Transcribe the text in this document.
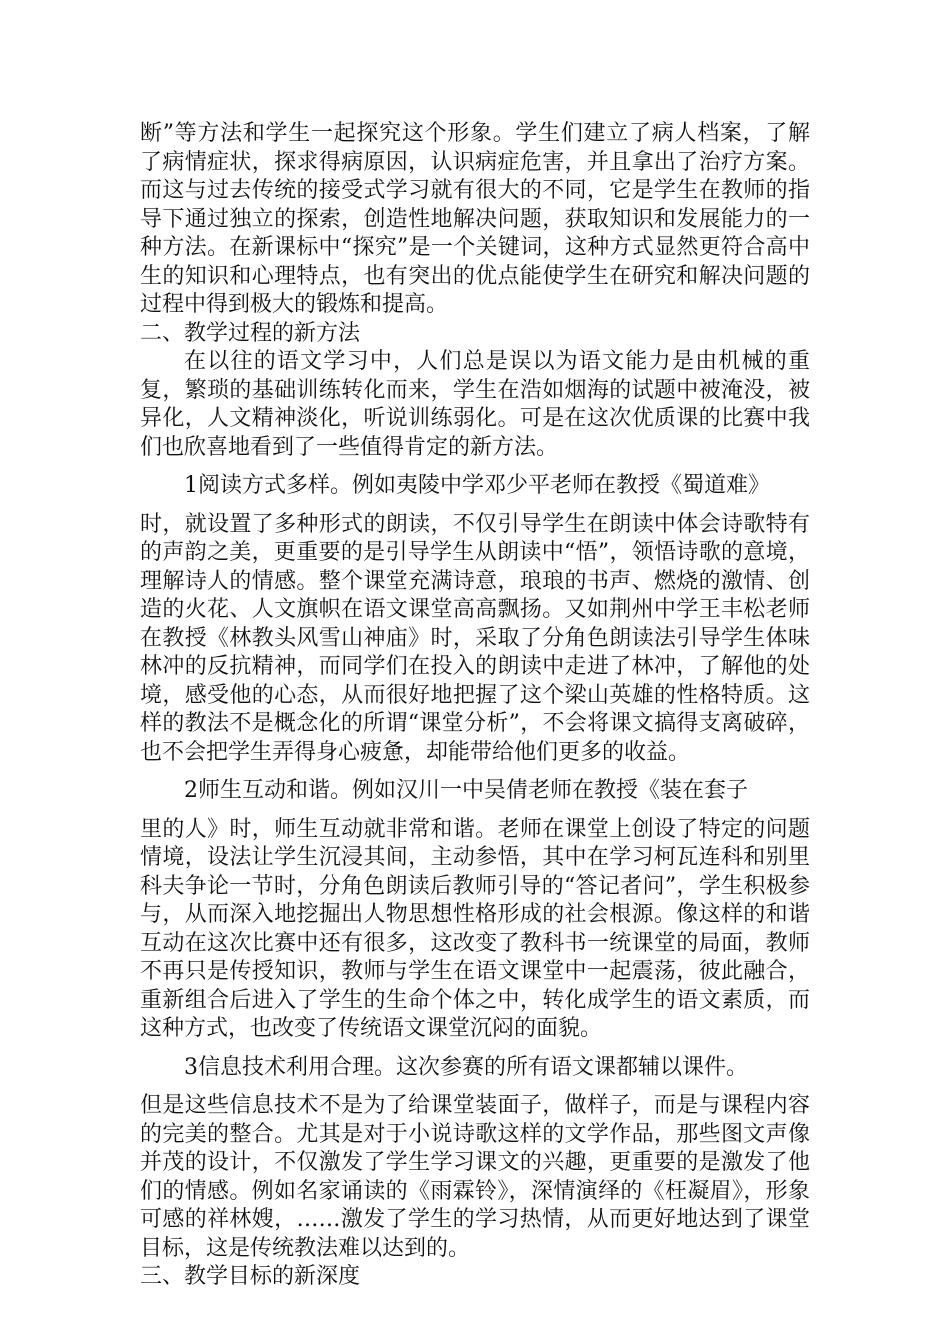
断”等方法和学生一起探究这个形象。学生们建立了病人档案，了解了病情症状，探求得病原因，认识病症危害，并且拿出了治疗方案。而这与过去传统的接受式学习就有很大的不同，它是学生在教师的指导下通过独立的探索，创造性地解决问题，获取知识和发展能力的一种方法。在新课标中“探究”是一个关键词，这种方式显然更符合高中生的知识和心理特点，也有突出的优点能使学生在研究和解决问题的过程中得到极大的锻炼和提高。

二、教学过程的新方法

在以往的语文学习中，人们总是误以为语文能力是由机械的重复，繁琐的基础训练转化而来，学生在浩如烟海的试题中被淹没，被异化，人文精神淡化，听说训练弱化。可是在这次优质课的比赛中我们也欣喜地看到了一些值得肯定的新方法。

1阅读方式多样。例如夷陵中学邓少平老师在教授《蜀道难》

时，就设置了多种形式的朗读，不仅引导学生在朗读中体会诗歌特有的声韵之美，更重要的是引导学生从朗读中“悟”，领悟诗歌的意境，理解诗人的情感。整个课堂充满诗意，琅琅的书声、燃烧的激情、创造的火花、人文旗帜在语文课堂高高飘扬。又如荆州中学王丰松老师在教授《林教头风雪山神庙》时，采取了分角色朗读法引导学生体味林冲的反抗精神，而同学们在投入的朗读中走进了林冲，了解他的处境，感受他的心态，从而很好地把握了这个梁山英雄的性格特质。这样的教法不是概念化的所谓“课堂分析”，不会将课文搞得支离破碎，也不会把学生弄得身心疲惫，却能带给他们更多的收益。

2师生互动和谐。例如汉川一中吴倩老师在教授《装在套子

里的人》时，师生互动就非常和谐。老师在课堂上创设了特定的问题情境，设法让学生沉浸其间，主动参悟，其中在学习柯瓦连科和别里科夫争论一节时，分角色朗读后教师引导的“答记者问”，学生积极参与，从而深入地挖掘出人物思想性格形成的社会根源。像这样的和谐互动在这次比赛中还有很多，这改变了教科书一统课堂的局面，教师不再只是传授知识，教师与学生在语文课堂中一起震荡，彼此融合，重新组合后进入了学生的生命个体之中，转化成学生的语文素质，而这种方式，也改变了传统语文课堂沉闷的面貌。

3信息技术利用合理。这次参赛的所有语文课都辅以课件。

但是这些信息技术不是为了给课堂装面子，做样子，而是与课程内容的完美的整合。尤其是对于小说诗歌这样的文学作品，那些图文声像并茂的设计，不仅激发了学生学习课文的兴趣，更重要的是激发了他们的情感。例如名家诵读的《雨霖铃》，深情演绎的《枉凝眉》，形象可感的祥林嫂，……激发了学生的学习热情，从而更好地达到了课堂目标，这是传统教法难以达到的。

三、教学目标的新深度
